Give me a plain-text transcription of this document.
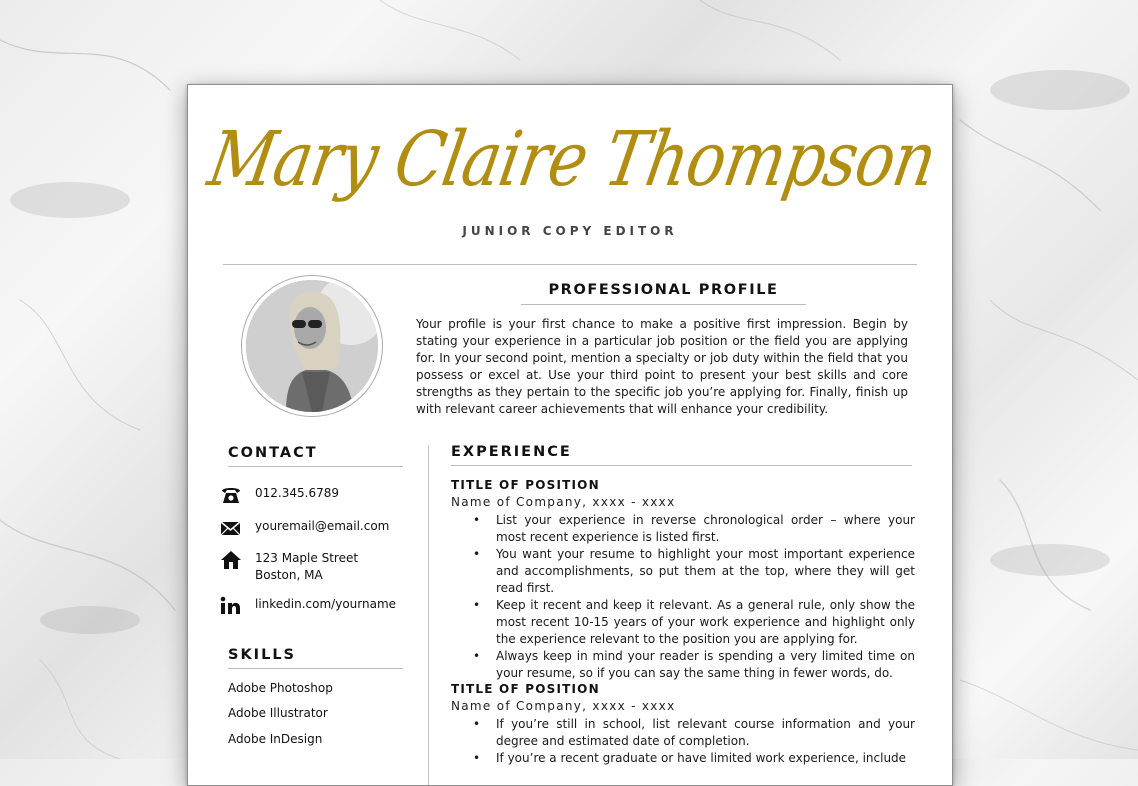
Mary Claire Thompson
JUNIOR COPY EDITOR
PROFESSIONAL PROFILE

Your profile is your first chance to make a positive first impression. Begin by stating your experience in a particular job position or the field you are applying for. In your second point, mention a specialty or job duty within the field that you possess or excel at. Use your third point to present your best skills and core strengths as they pertain to the specific job you’re applying for. Finally, finish up with relevant career achievements that will enhance your credibility.

CONTACT
012.345.6789
youremail@email.com
123 Maple Street
Boston, MA
linkedin.com/yourname
SKILLS
Adobe Photoshop
Adobe Illustrator
Adobe InDesign
EXPERIENCE
TITLE OF POSITION
Name of Company, xxxx - xxxx
• List your experience in reverse chronological order – where your most recent experience is listed first.
• You want your resume to highlight your most important experience and accomplishments, so put them at the top, where they will get read first.
• Keep it recent and keep it relevant. As a general rule, only show the most recent 10-15 years of your work experience and highlight only the experience relevant to the position you are applying for.
• Always keep in mind your reader is spending a very limited time on your resume, so if you can say the same thing in fewer words, do.
TITLE OF POSITION
Name of Company, xxxx - xxxx
• If you’re still in school, list relevant course information and your degree and estimated date of completion.
• If you’re a recent graduate or have limited work experience, include
